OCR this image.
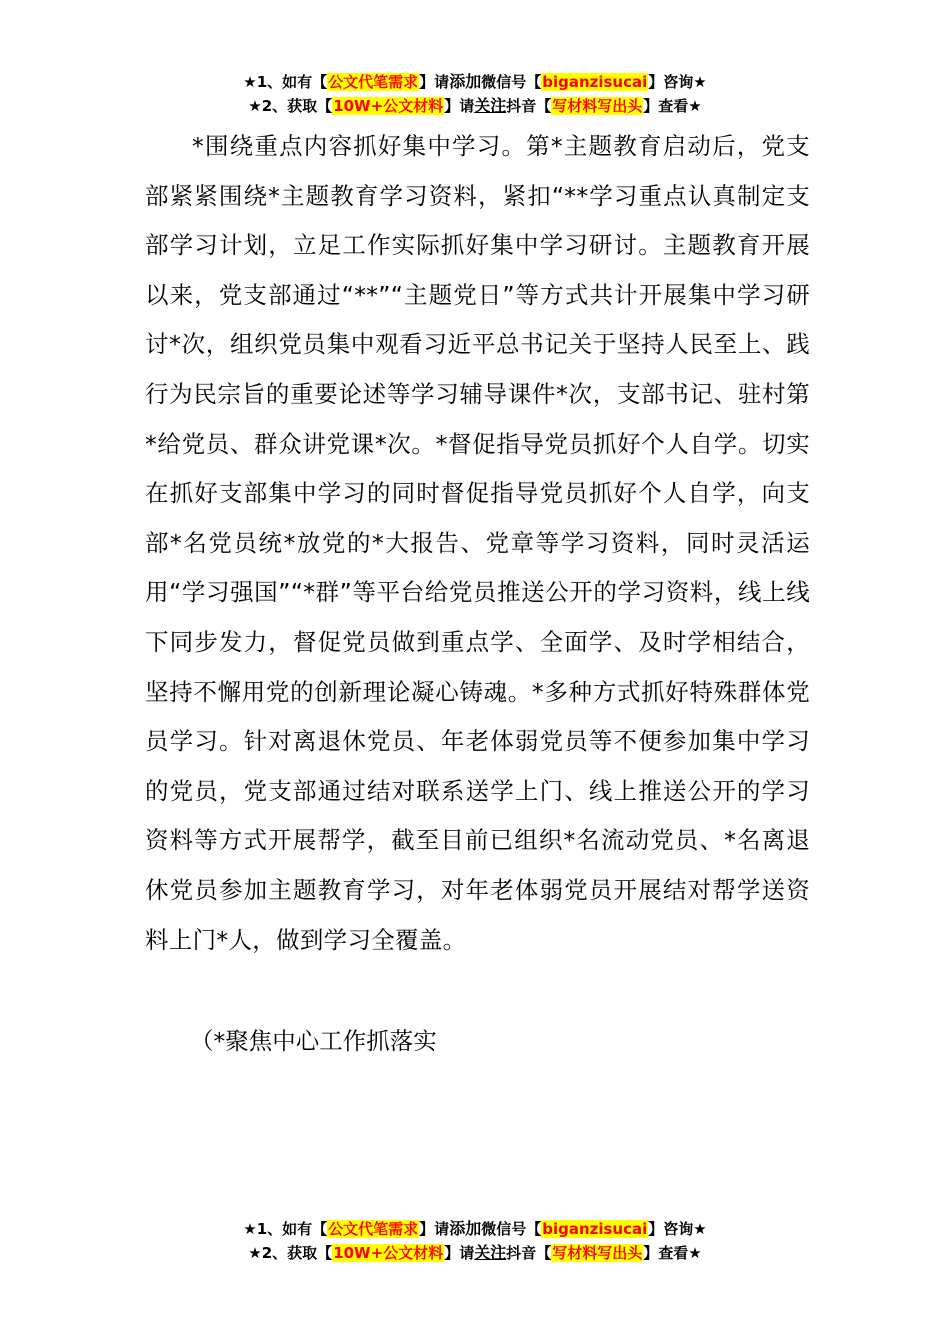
★1、如有【公文代笔需求】请添加微信号【biganzisucai】咨询★
★2、获取【10W+公文材料】请关注抖音【写材料写出头】查看★

*围绕重点内容抓好集中学习。第*主题教育启动后，党支部紧紧围绕*主题教育学习资料，紧扣“**学习重点认真制定支部学习计划，立足工作实际抓好集中学习研讨。主题教育开展以来，党支部通过“**”“主题党日”等方式共计开展集中学习研讨*次，组织党员集中观看习近平总书记关于坚持人民至上、践行为民宗旨的重要论述等学习辅导课件*次，支部书记、驻村第*给党员、群众讲党课*次。*督促指导党员抓好个人自学。切实在抓好支部集中学习的同时督促指导党员抓好个人自学，向支部*名党员统*放党的*大报告、党章等学习资料，同时灵活运用“学习强国”“*群”等平台给党员推送公开的学习资料，线上线下同步发力，督促党员做到重点学、全面学、及时学相结合，坚持不懈用党的创新理论凝心铸魂。*多种方式抓好特殊群体党员学习。针对离退休党员、年老体弱党员等不便参加集中学习的党员，党支部通过结对联系送学上门、线上推送公开的学习资料等方式开展帮学，截至目前已组织*名流动党员、*名离退休党员参加主题教育学习，对年老体弱党员开展结对帮学送资料上门*人，做到学习全覆盖。

（*聚焦中心工作抓落实
★1、如有【公文代笔需求】请添加微信号【biganzisucai】咨询★
★2、获取【10W+公文材料】请关注抖音【写材料写出头】查看★
